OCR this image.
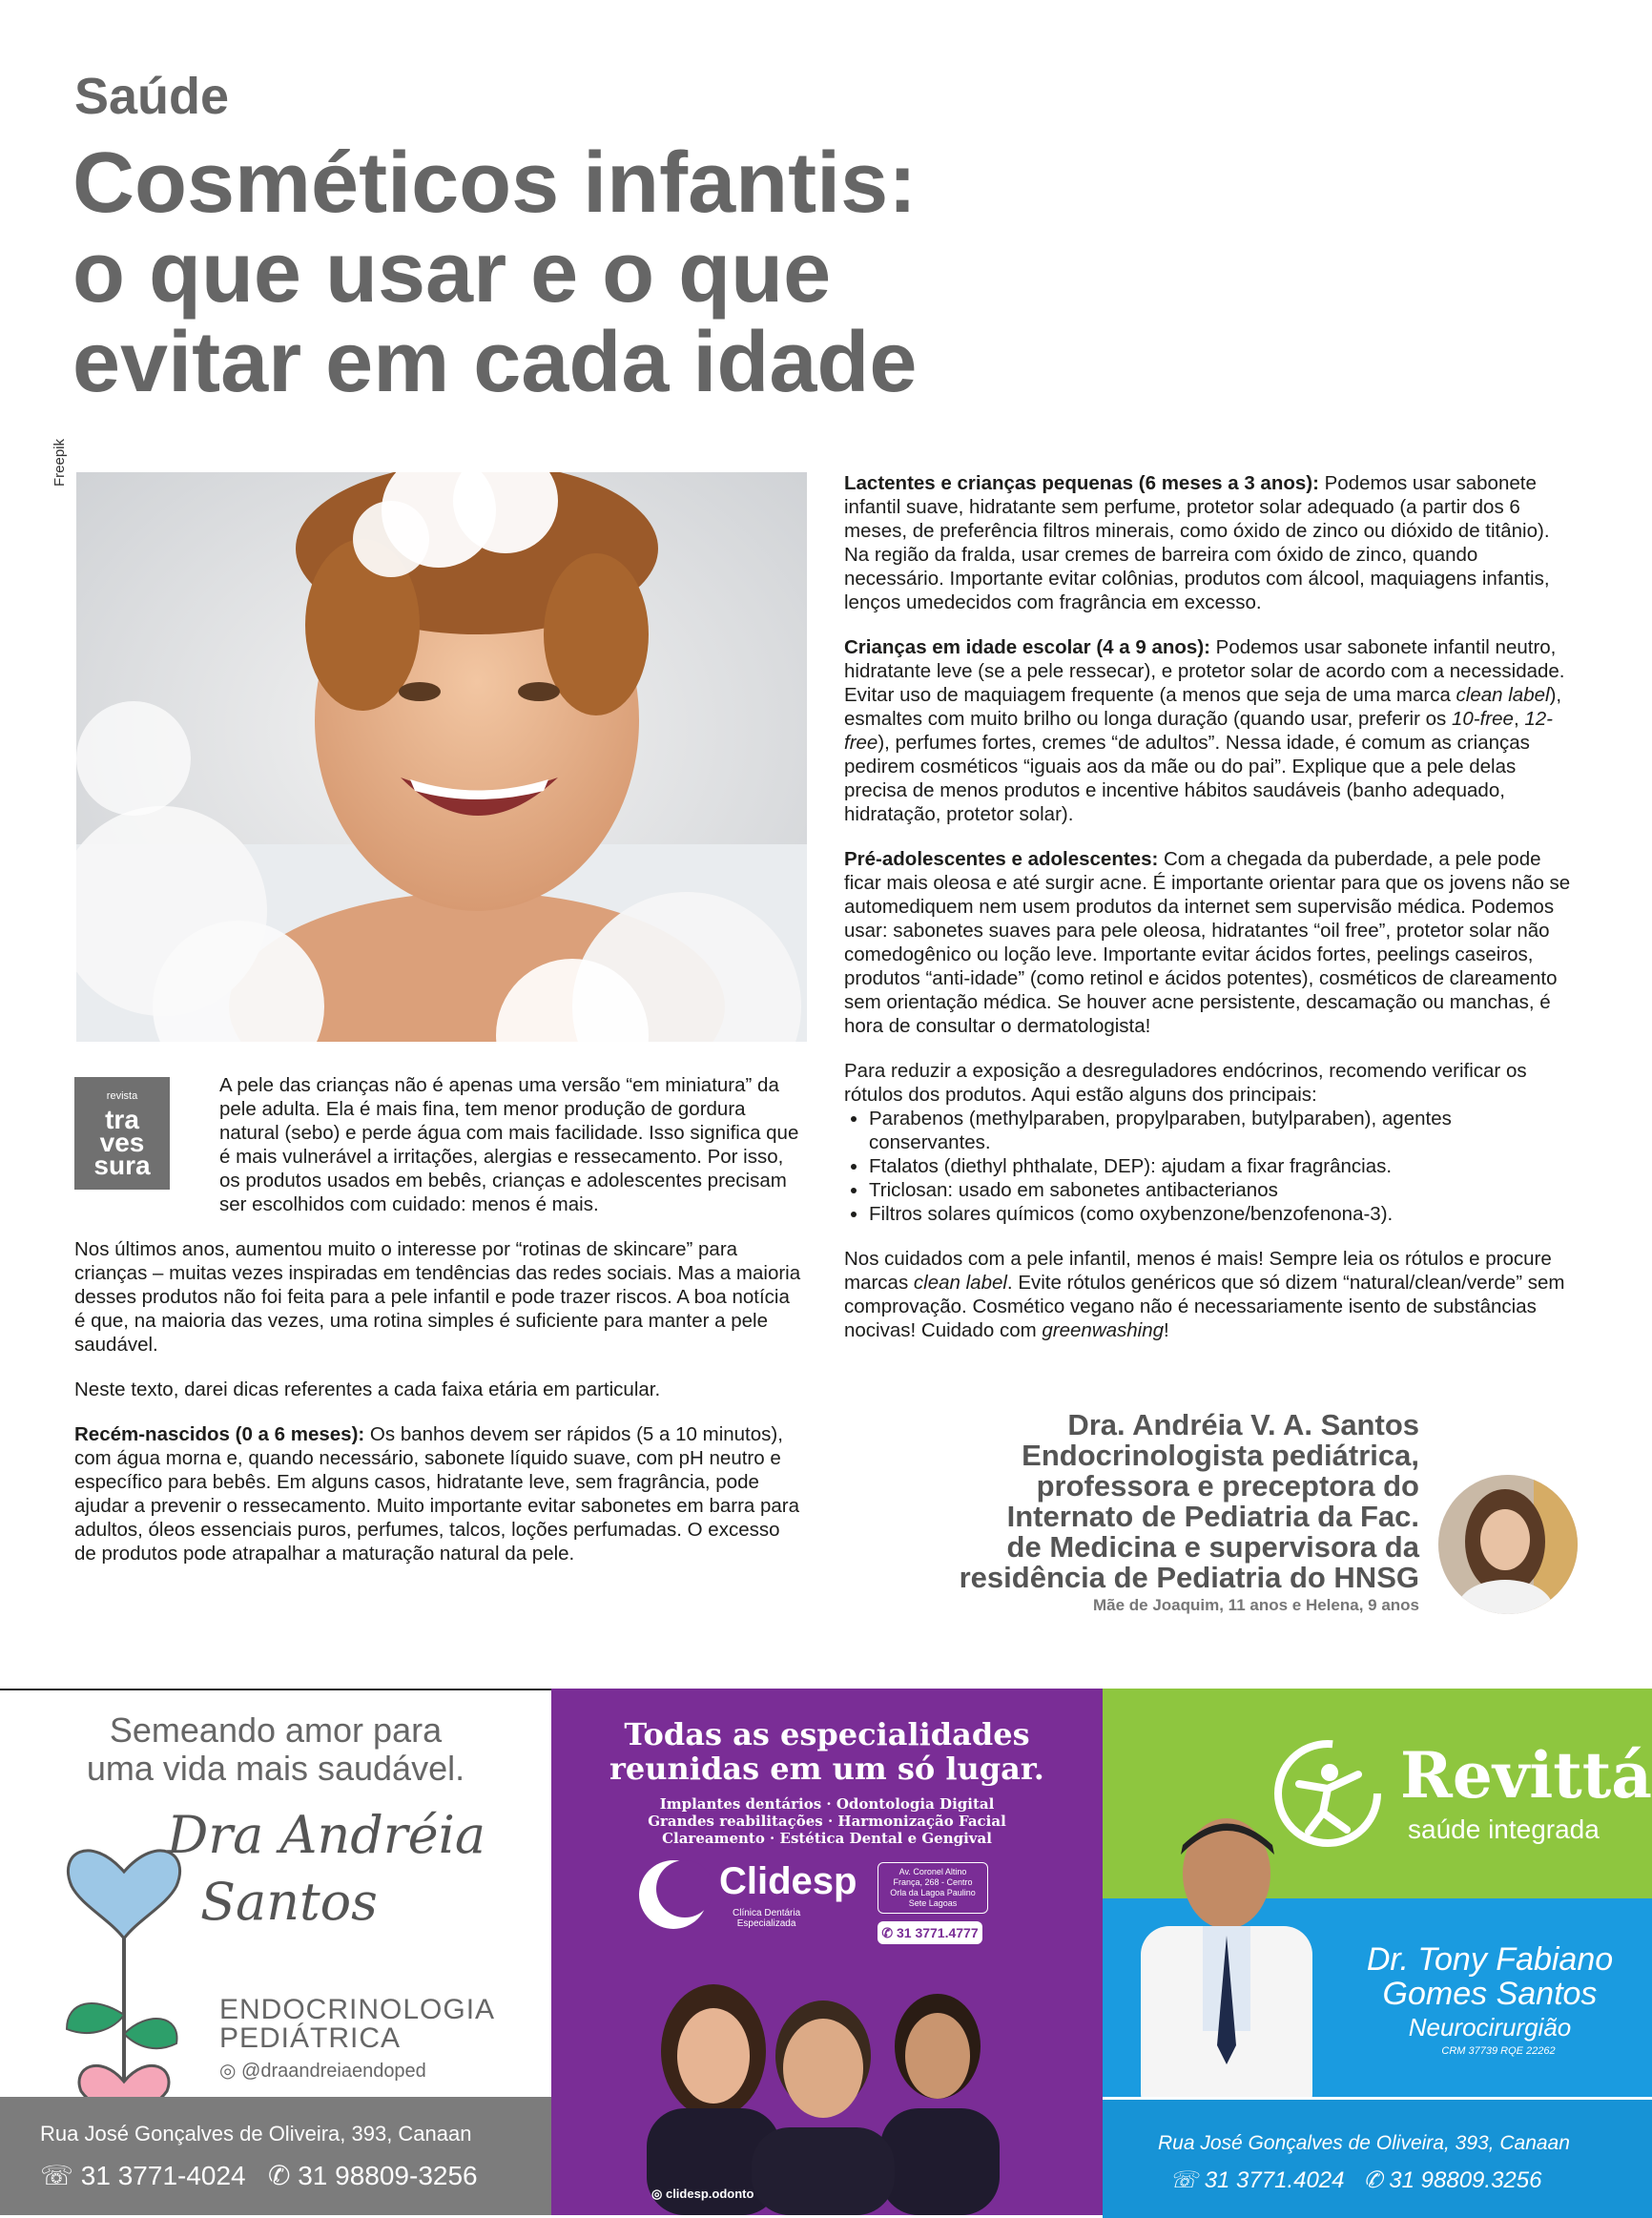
Saúde
Cosméticos infantis:
o que usar e o que
evitar em cada idade
Freepik
revista
tra
ves
sura

A pele das crianças não é apenas uma versão “em miniatura” da pele adulta. Ela é mais fina, tem menor produção de gordura natural (sebo) e perde água com mais facilidade. Isso significa que é mais vulnerável a irritações, alergias e ressecamento. Por isso, os produtos usados em bebês, crianças e adolescentes precisam ser escolhidos com cuidado: menos é mais.

Nos últimos anos, aumentou muito o interesse por “rotinas de skincare” para crianças – muitas vezes inspiradas em tendências das redes sociais. Mas a maioria desses produtos não foi feita para a pele infantil e pode trazer riscos. A boa notícia é que, na maioria das vezes, uma rotina simples é suficiente para manter a pele saudável.

Neste texto, darei dicas referentes a cada faixa etária em particular.

Recém-nascidos (0 a 6 meses): Os banhos devem ser rápidos (5 a 10 minutos), com água morna e, quando necessário, sabonete líquido suave, com pH neutro e específico para bebês. Em alguns casos, hidratante leve, sem fragrância, pode ajudar a prevenir o ressecamento. Muito importante evitar sabonetes em barra para adultos, óleos essenciais puros, perfumes, talcos, loções perfumadas. O excesso de produtos pode atrapalhar a maturação natural da pele.

Lactentes e crianças pequenas (6 meses a 3 anos): Podemos usar sabonete infantil suave, hidratante sem perfume, protetor solar adequado (a partir dos 6 meses, de preferência filtros minerais, como óxido de zinco ou dióxido de titânio). Na região da fralda, usar cremes de barreira com óxido de zinco, quando necessário. Importante evitar colônias, produtos com álcool, maquiagens infantis, lenços umedecidos com fragrância em excesso.

Crianças em idade escolar (4 a 9 anos): Podemos usar sabonete infantil neutro, hidratante leve (se a pele ressecar), e protetor solar de acordo com a necessidade. Evitar uso de maquiagem frequente (a menos que seja de uma marca clean label), esmaltes com muito brilho ou longa duração (quando usar, preferir os 10-free, 12-free), perfumes fortes, cremes “de adultos”. Nessa idade, é comum as crianças pedirem cosméticos “iguais aos da mãe ou do pai”. Explique que a pele delas precisa de menos produtos e incentive hábitos saudáveis (banho adequado, hidratação, protetor solar).

Pré-adolescentes e adolescentes: Com a chegada da puberdade, a pele pode ficar mais oleosa e até surgir acne. É importante orientar para que os jovens não se automediquem nem usem produtos da internet sem supervisão médica. Podemos usar: sabonetes suaves para pele oleosa, hidratantes “oil free”, protetor solar não comedogênico ou loção leve. Importante evitar ácidos fortes, peelings caseiros, produtos “anti-idade” (como retinol e ácidos potentes), cosméticos de clareamento sem orientação médica. Se houver acne persistente, descamação ou manchas, é hora de consultar o dermatologista!

Para reduzir a exposição a desreguladores endócrinos, recomendo verificar os rótulos dos produtos. Aqui estão alguns dos principais:

• Parabenos (methylparaben, propylparaben, butylparaben), agentes conservantes.
• Ftalatos (diethyl phthalate, DEP): ajudam a fixar fragrâncias.
• Triclosan: usado em sabonetes antibacterianos
• Filtros solares químicos (como oxybenzone/benzofenona-3).

Nos cuidados com a pele infantil, menos é mais! Sempre leia os rótulos e procure marcas clean label. Evite rótulos genéricos que só dizem “natural/clean/verde” sem comprovação. Cosmético vegano não é necessariamente isento de substâncias nocivas! Cuidado com greenwashing!

Dra. Andréia V. A. Santos
Endocrinologista pediátrica,
professora e preceptora do
Internato de Pediatria da Fac.
de Medicina e supervisora da
residência de Pediatria do HNSG
Mãe de Joaquim, 11 anos e Helena, 9 anos
Semeando amor para
uma vida mais saudável.
Dra Andréia
Santos
ENDOCRINOLOGIA
PEDIÁTRICA
◎ @draandreiaendoped
Rua José Gonçalves de Oliveira, 393, Canaan
☏ 31 3771-4024 ✆ 31 98809-3256
Todas as especialidades
reunidas em um só lugar.
Implantes dentários · Odontologia Digital
Grandes reabilitações · Harmonização Facial
Clareamento · Estética Dental e Gengival
Clidesp
Clínica Dentária
Especializada
Av. Coronel Altino
França, 268 - Centro
Orla da Lagoa Paulino
Sete Lagoas
✆ 31 3771.4777
◎ clidesp.odonto
Revittá
saúde integrada
Dr. Tony Fabiano
Gomes Santos
Neurocirurgião
CRM 37739 RQE 22262
Rua José Gonçalves de Oliveira, 393, Canaan
☏ 31 3771.4024 ✆ 31 98809.3256
